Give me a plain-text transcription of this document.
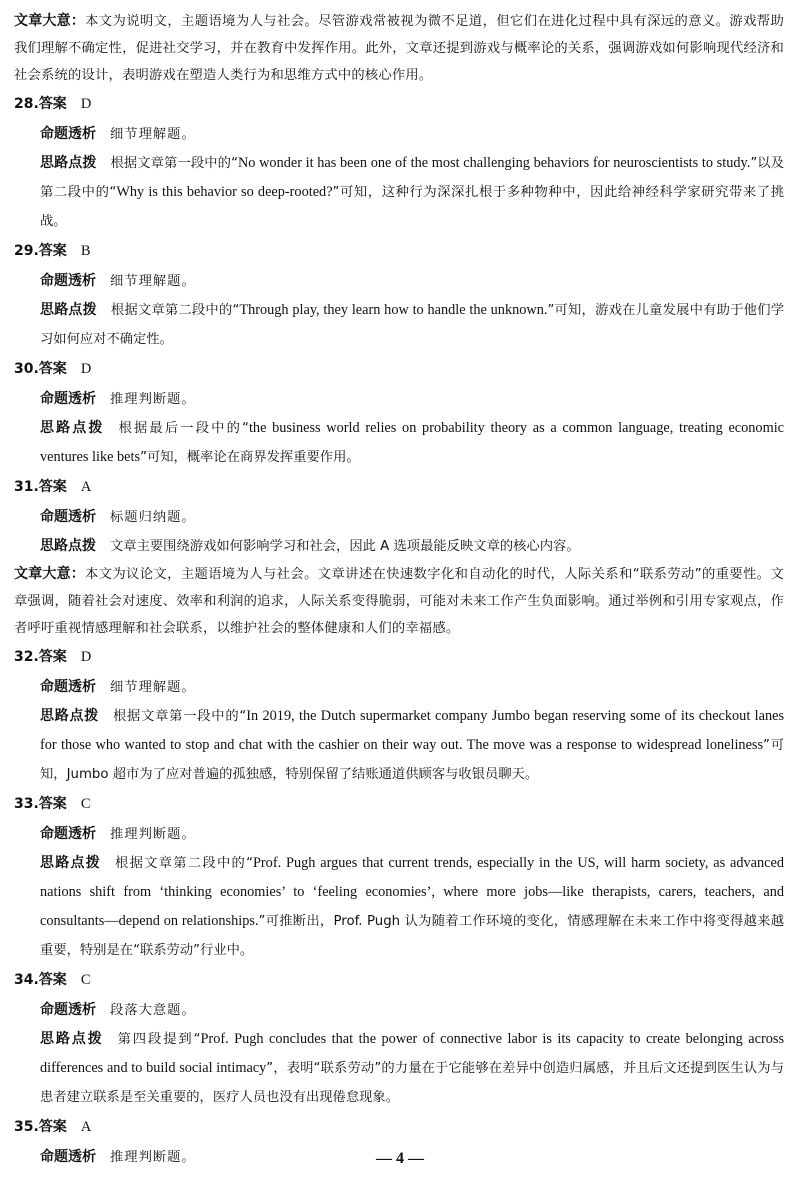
文章大意：本文为说明文，主题语境为人与社会。尽管游戏常被视为微不足道，但它们在进化过程中具有深远的意义。游戏帮助我们理解不确定性，促进社交学习，并在教育中发挥作用。此外，文章还提到游戏与概率论的关系，强调游戏如何影响现代经济和社会系统的设计，表明游戏在塑造人类行为和思维方式中的核心作用。

28.答案 D
命题透析 细节理解题。
思路点拨 根据文章第一段中的“No wonder it has been one of the most challenging behaviors for neuroscientists to study.”以及第二段中的“Why is this behavior so deep-rooted?”可知，这种行为深深扎根于多种物种中，因此给神经科学家研究带来了挑战。
29.答案 B
命题透析 细节理解题。
思路点拨 根据文章第二段中的“Through play, they learn how to handle the unknown.”可知，游戏在儿童发展中有助于他们学习如何应对不确定性。
30.答案 D
命题透析 推理判断题。
思路点拨 根据最后一段中的“the business world relies on probability theory as a common language, treating economic ventures like bets”可知，概率论在商界发挥重要作用。
31.答案 A
命题透析 标题归纳题。
思路点拨 文章主要围绕游戏如何影响学习和社会，因此 A 选项最能反映文章的核心内容。

文章大意：本文为议论文，主题语境为人与社会。文章讲述在快速数字化和自动化的时代，人际关系和“联系劳动”的重要性。文章强调，随着社会对速度、效率和利润的追求，人际关系变得脆弱，可能对未来工作产生负面影响。通过举例和引用专家观点，作者呼吁重视情感理解和社会联系，以维护社会的整体健康和人们的幸福感。

32.答案 D
命题透析 细节理解题。
思路点拨 根据文章第一段中的“In 2019, the Dutch supermarket company Jumbo began reserving some of its checkout lanes for those who wanted to stop and chat with the cashier on their way out. The move was a response to widespread loneliness”可知，Jumbo 超市为了应对普遍的孤独感，特别保留了结账通道供顾客与收银员聊天。
33.答案 C
命题透析 推理判断题。
思路点拨 根据文章第二段中的“Prof. Pugh argues that current trends, especially in the US, will harm society, as advanced nations shift from ‘thinking economies’ to ‘feeling economies’, where more jobs—like therapists, carers, teachers, and consultants—depend on relationships.”可推断出，Prof. Pugh 认为随着工作环境的变化，情感理解在未来工作中将变得越来越重要，特别是在“联系劳动”行业中。
34.答案 C
命题透析 段落大意题。
思路点拨 第四段提到“Prof. Pugh concludes that the power of connective labor is its capacity to create belonging across differences and to build social intimacy”，表明“联系劳动”的力量在于它能够在差异中创造归属感，并且后文还提到医生认为与患者建立联系是至关重要的，医疗人员也没有出现倦怠现象。
35.答案 A
命题透析 推理判断题。	— 4 —
